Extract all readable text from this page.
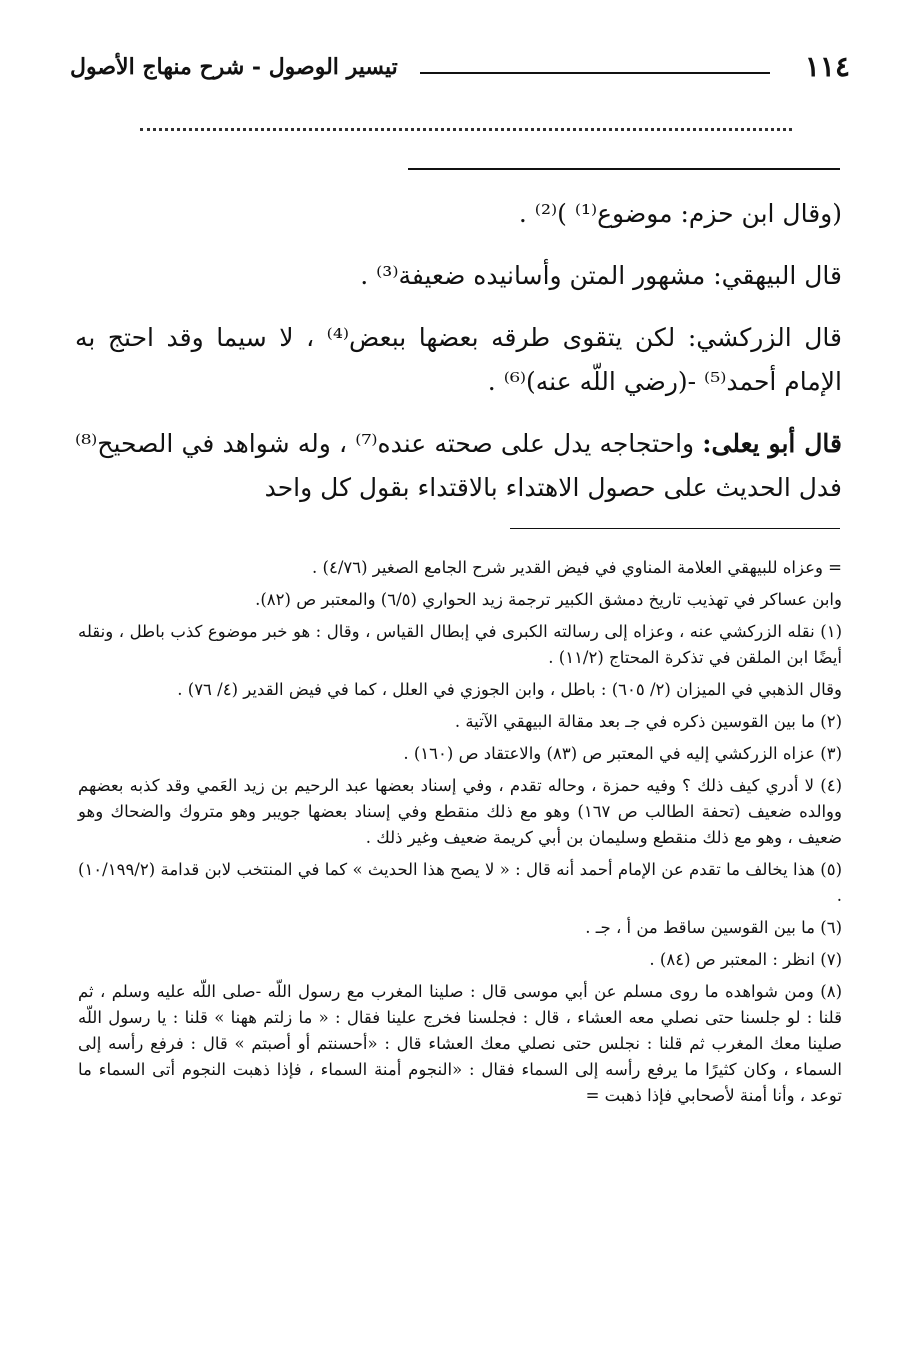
١١٤
تيسير الوصول - شرح منهاج الأصول

(وقال ابن حزم: موضوع⁽¹⁾ )⁽²⁾ .

قال البيهقي: مشهور المتن وأسانيده ضعيفة⁽³⁾ .

قال الزركشي: لكن يتقوى طرقه بعضها ببعض⁽⁴⁾ ، لا سيما وقد احتج به الإمام أحمد⁽⁵⁾ -(رضي اللّه عنه)⁽⁶⁾ .

قال أبو يعلى: واحتجاجه يدل على صحته عنده⁽⁷⁾ ، وله شواهد في الصحيح⁽⁸⁾ فدل الحديث على حصول الاهتداء بالاقتداء بقول كل واحد

= وعزاه للبيهقي العلامة المناوي في فيض القدير شرح الجامع الصغير (٤/٧٦) .

وابن عساكر في تهذيب تاريخ دمشق الكبير ترجمة زيد الحواري (٦/٥) والمعتبر ص (٨٢).

(١) نقله الزركشي عنه ، وعزاه إلى رسالته الكبرى في إبطال القياس ، وقال : هو خبر موضوع كذب باطل ، ونقله أيضًا ابن الملقن في تذكرة المحتاج (١١/٢) .

وقال الذهبي في الميزان (٢/ ٦٠٥) : باطل ، وابن الجوزي في العلل ، كما في فيض القدير (٤/ ٧٦) .

(٢) ما بين القوسين ذكره في جـ بعد مقالة البيهقي الآتية .

(٣) عزاه الزركشي إليه في المعتبر ص (٨٣) والاعتقاد ص (١٦٠) .

(٤) لا أدري كيف ذلك ؟ وفيه حمزة ، وحاله تقدم ، وفي إسناد بعضها عبد الرحيم بن زيد العَمي وقد كذبه بعضهم ووالده ضعيف (تحفة الطالب ص ١٦٧) وهو مع ذلك منقطع وفي إسناد بعضها جويبر وهو متروك والضحاك وهو ضعيف ، وهو مع ذلك منقطع وسليمان بن أبي كريمة ضعيف وغير ذلك .

(٥) هذا يخالف ما تقدم عن الإمام أحمد أنه قال : « لا يصح هذا الحديث » كما في المنتخب لابن قدامة (١٠/١٩٩/٢) .

(٦) ما بين القوسين ساقط من أ ، جـ .

(٧) انظر : المعتبر ص (٨٤) .

(٨) ومن شواهده ما روى مسلم عن أبي موسى قال : صلينا المغرب مع رسول اللّه -صلى اللّه عليه وسلم ، ثم قلنا : لو جلسنا حتى نصلي معه العشاء ، قال : فجلسنا فخرج علينا فقال : « ما زلتم ههنا » قلنا : يا رسول اللّه صلينا معك المغرب ثم قلنا : نجلس حتى نصلي معك العشاء قال : «أحسنتم أو أصبتم » قال : فرفع رأسه إلى السماء ، وكان كثيرًا ما يرفع رأسه إلى السماء فقال : «النجوم أمنة السماء ، فإذا ذهبت النجوم أتى السماء ما توعد ، وأنا أمنة لأصحابي فإذا ذهبت =
